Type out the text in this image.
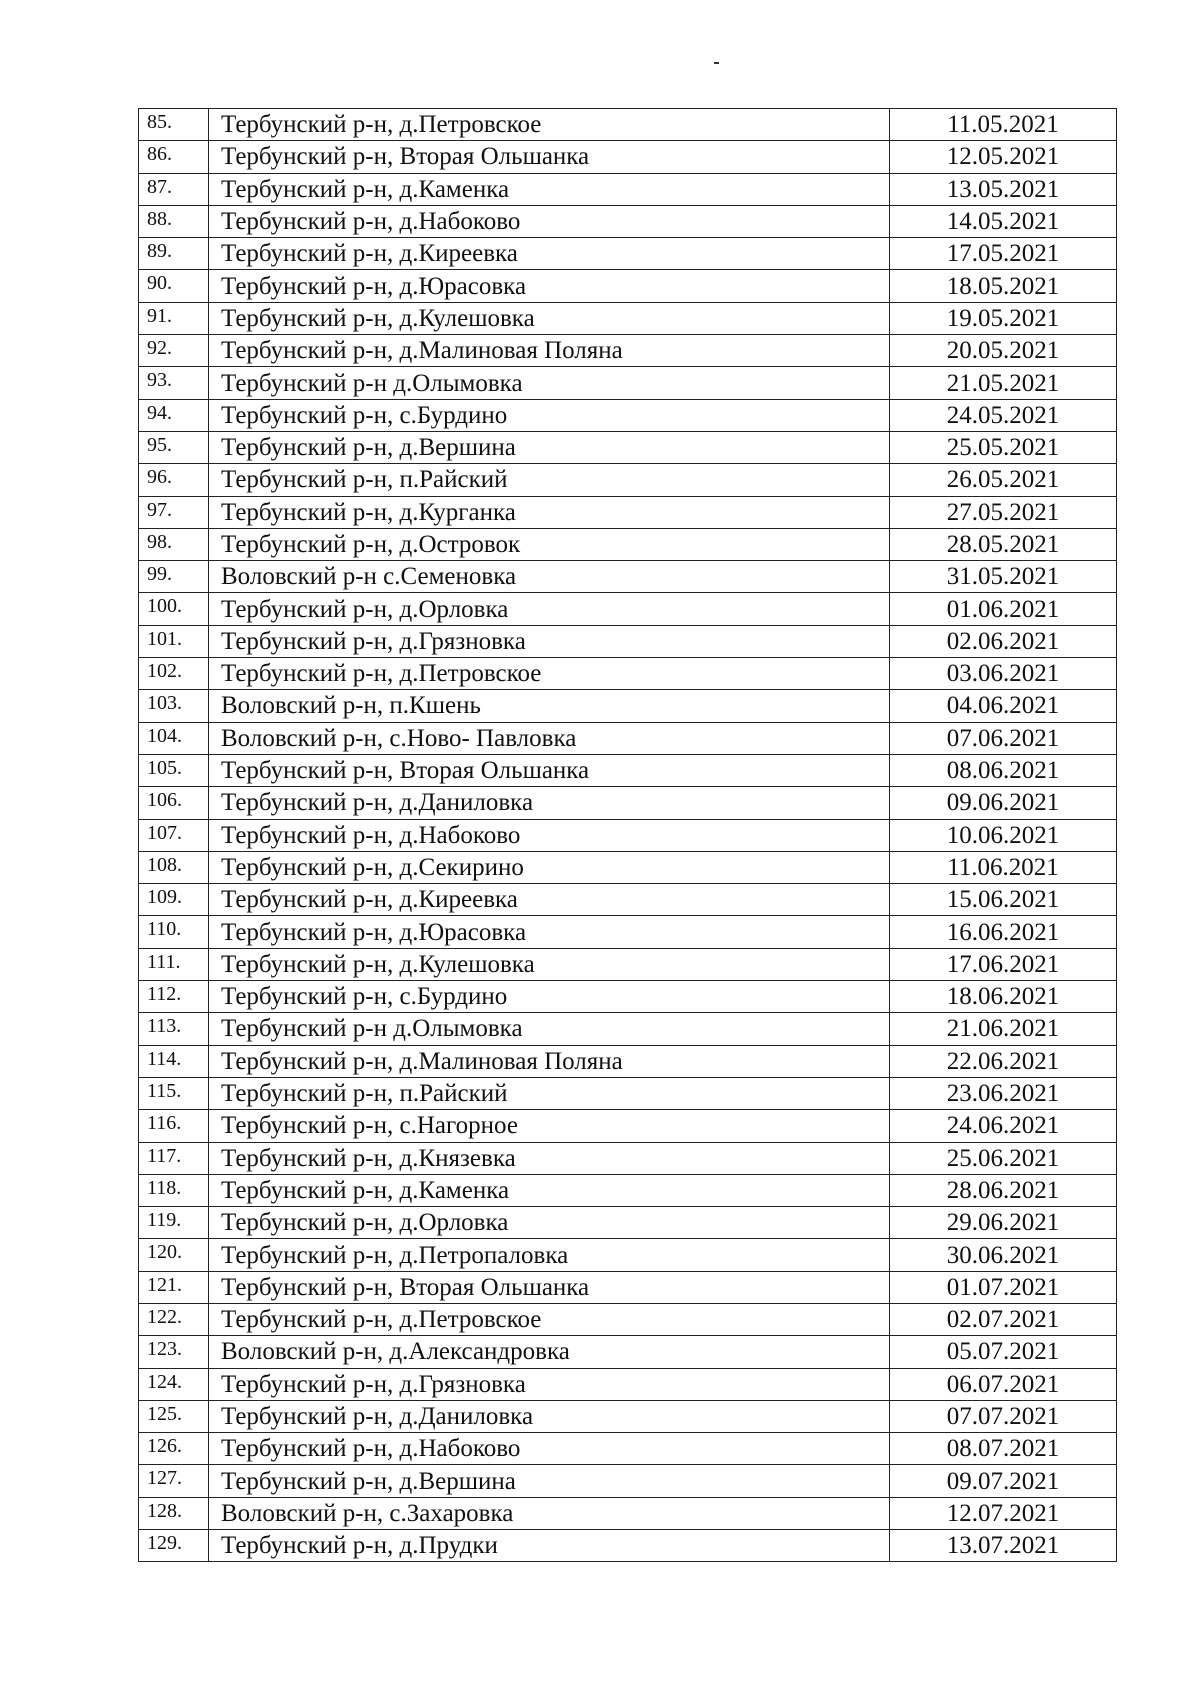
85.	Тербунский р-н, д.Петровское	11.05.2021
86.	Тербунский р-н, Вторая Ольшанка	12.05.2021
87.	Тербунский р-н, д.Каменка	13.05.2021
88.	Тербунский р-н, д.Набоково	14.05.2021
89.	Тербунский р-н, д.Киреевка	17.05.2021
90.	Тербунский р-н, д.Юрасовка	18.05.2021
91.	Тербунский р-н, д.Кулешовка	19.05.2021
92.	Тербунский р-н, д.Малиновая Поляна	20.05.2021
93.	Тербунский р-н д.Олымовка	21.05.2021
94.	Тербунский р-н, с.Бурдино	24.05.2021
95.	Тербунский р-н, д.Вершина	25.05.2021
96.	Тербунский р-н, п.Райский	26.05.2021
97.	Тербунский р-н, д.Курганка	27.05.2021
98.	Тербунский р-н, д.Островок	28.05.2021
99.	Воловский р-н с.Семеновка	31.05.2021
100.	Тербунский р-н, д.Орловка	01.06.2021
101.	Тербунский р-н, д.Грязновка	02.06.2021
102.	Тербунский р-н, д.Петровское	03.06.2021
103.	Воловский р-н, п.Кшень	04.06.2021
104.	Воловский р-н, с.Ново- Павловка	07.06.2021
105.	Тербунский р-н, Вторая Ольшанка	08.06.2021
106.	Тербунский р-н, д.Даниловка	09.06.2021
107.	Тербунский р-н, д.Набоково	10.06.2021
108.	Тербунский р-н, д.Секирино	11.06.2021
109.	Тербунский р-н, д.Киреевка	15.06.2021
110.	Тербунский р-н, д.Юрасовка	16.06.2021
111.	Тербунский р-н, д.Кулешовка	17.06.2021
112.	Тербунский р-н, с.Бурдино	18.06.2021
113.	Тербунский р-н д.Олымовка	21.06.2021
114.	Тербунский р-н, д.Малиновая Поляна	22.06.2021
115.	Тербунский р-н, п.Райский	23.06.2021
116.	Тербунский р-н, с.Нагорное	24.06.2021
117.	Тербунский р-н, д.Князевка	25.06.2021
118.	Тербунский р-н, д.Каменка	28.06.2021
119.	Тербунский р-н, д.Орловка	29.06.2021
120.	Тербунский р-н, д.Петропаловка	30.06.2021
121.	Тербунский р-н, Вторая Ольшанка	01.07.2021
122.	Тербунский р-н, д.Петровское	02.07.2021
123.	Воловский р-н, д.Александровка	05.07.2021
124.	Тербунский р-н, д.Грязновка	06.07.2021
125.	Тербунский р-н, д.Даниловка	07.07.2021
126.	Тербунский р-н, д.Набоково	08.07.2021
127.	Тербунский р-н, д.Вершина	09.07.2021
128.	Воловский р-н, с.Захаровка	12.07.2021
129.	Тербунский р-н, д.Прудки	13.07.2021
